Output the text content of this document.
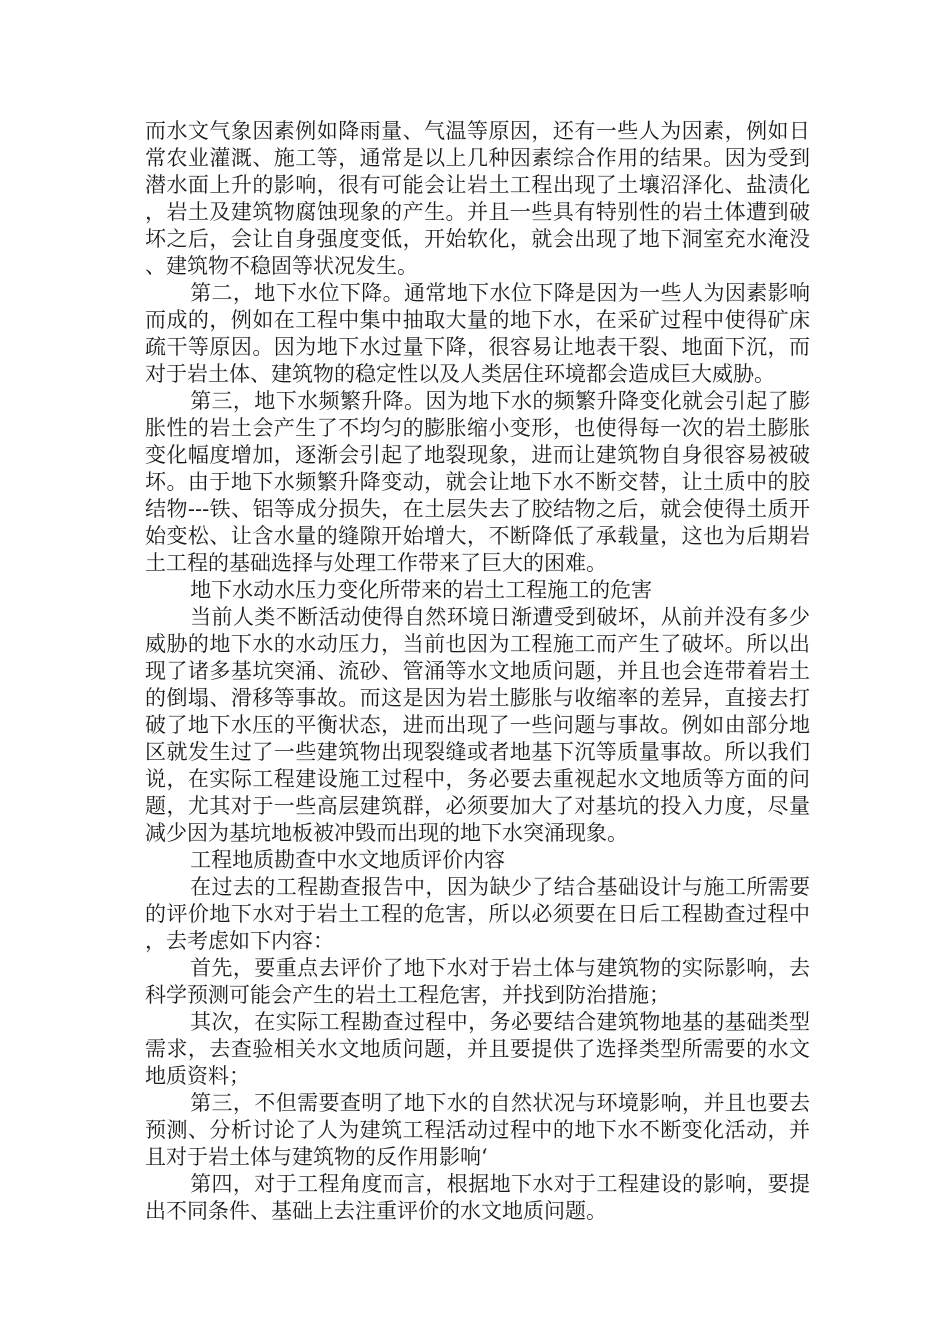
而水文气象因素例如降雨量、气温等原因，还有一些人为因素，例如日常农业灌溉、施工等，通常是以上几种因素综合作用的结果。因为受到潜水面上升的影响，很有可能会让岩土工程出现了土壤沼泽化、盐渍化，岩土及建筑物腐蚀现象的产生。并且一些具有特别性的岩土体遭到破坏之后，会让自身强度变低，开始软化，就会出现了地下洞室充水淹没、建筑物不稳固等状况发生。

第二，地下水位下降。通常地下水位下降是因为一些人为因素影响而成的，例如在工程中集中抽取大量的地下水，在采矿过程中使得矿床疏干等原因。因为地下水过量下降，很容易让地表干裂、地面下沉，而对于岩土体、建筑物的稳定性以及人类居住环境都会造成巨大威胁。

第三，地下水频繁升降。因为地下水的频繁升降变化就会引起了膨胀性的岩土会产生了不均匀的膨胀缩小变形，也使得每一次的岩土膨胀变化幅度增加，逐渐会引起了地裂现象，进而让建筑物自身很容易被破坏。由于地下水频繁升降变动，就会让地下水不断交替，让土质中的胶结物---铁、铝等成分损失，在土层失去了胶结物之后，就会使得土质开始变松、让含水量的缝隙开始增大，不断降低了承载量，这也为后期岩土工程的基础选择与处理工作带来了巨大的困难。

地下水动水压力变化所带来的岩土工程施工的危害

当前人类不断活动使得自然环境日渐遭受到破坏，从前并没有多少威胁的地下水的水动压力，当前也因为工程施工而产生了破坏。所以出现了诸多基坑突涌、流砂、管涌等水文地质问题，并且也会连带着岩土的倒塌、滑移等事故。而这是因为岩土膨胀与收缩率的差异，直接去打破了地下水压的平衡状态，进而出现了一些问题与事故。例如由部分地区就发生过了一些建筑物出现裂缝或者地基下沉等质量事故。所以我们说，在实际工程建设施工过程中，务必要去重视起水文地质等方面的问题，尤其对于一些高层建筑群，必须要加大了对基坑的投入力度，尽量减少因为基坑地板被冲毁而出现的地下水突涌现象。

工程地质勘查中水文地质评价内容

在过去的工程勘查报告中，因为缺少了结合基础设计与施工所需要的评价地下水对于岩土工程的危害，所以必须要在日后工程勘查过程中，去考虑如下内容：

首先，要重点去评价了地下水对于岩土体与建筑物的实际影响，去科学预测可能会产生的岩土工程危害，并找到防治措施；

其次，在实际工程勘查过程中，务必要结合建筑物地基的基础类型需求，去查验相关水文地质问题，并且要提供了选择类型所需要的水文地质资料；

第三，不但需要查明了地下水的自然状况与环境影响，并且也要去预测、分析讨论了人为建筑工程活动过程中的地下水不断变化活动，并且对于岩土体与建筑物的反作用影响‘

第四，对于工程角度而言，根据地下水对于工程建设的影响，要提出不同条件、基础上去注重评价的水文地质问题。
